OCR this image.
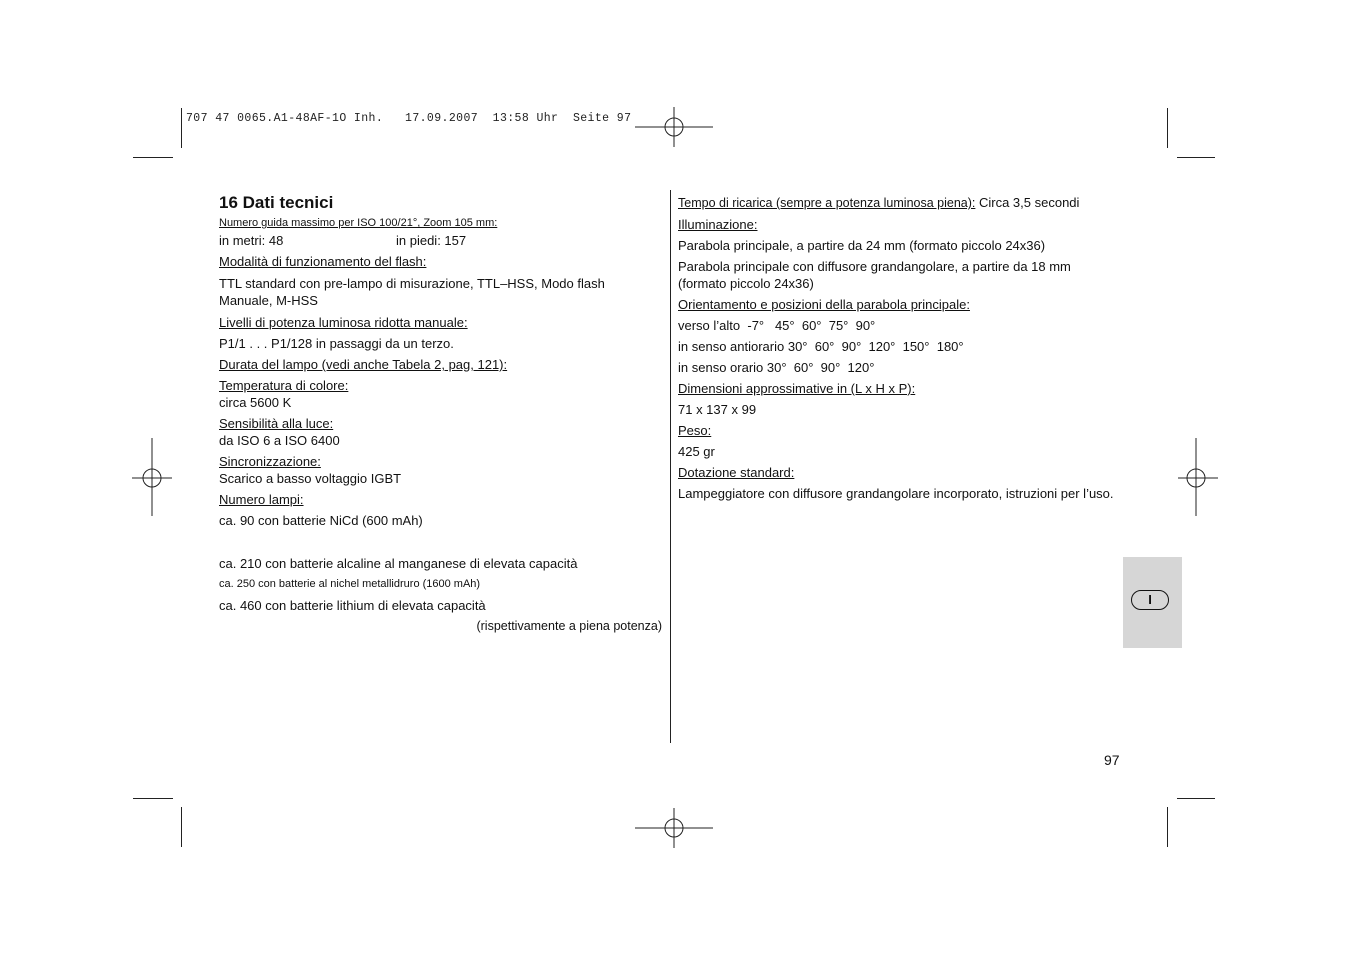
707 47 0065.A1-48AF-1O Inh.   17.09.2007  13:58 Uhr  Seite 97

16 Dati tecnici

Numero guida massimo per ISO 100/21°, Zoom 105 mm:

in metri: 48	in piedi: 157

Modalità di funzionamento del flash:

TTL standard con pre-lampo di misurazione, TTL–HSS, Modo flash Manuale, M-HSS

Livelli di potenza luminosa ridotta manuale:

P1/1 . . . P1/128 in passaggi da un terzo.

Durata del lampo (vedi anche Tabela 2, pag, 121):

Temperatura di colore:

circa 5600 K

Sensibilità alla luce:

da ISO 6 a ISO 6400

Sincronizzazione:

Scarico a basso voltaggio IGBT

Numero lampi:

ca. 90 con batterie NiCd (600 mAh)

ca. 210 con batterie alcaline al manganese di elevata capacità

ca. 250 con batterie al nichel metallidruro (1600 mAh)

ca. 460 con batterie lithium di elevata capacità

(rispettivamente a piena potenza)

Tempo di ricarica (sempre a potenza luminosa piena): Circa 3,5 secondi

Illuminazione:

Parabola principale, a partire da 24 mm (formato piccolo 24x36)

Parabola principale con diffusore grandangolare, a partire da 18 mm (formato piccolo 24x36)

Orientamento e posizioni della parabola principale:

verso l’alto  -7°   45°  60°  75°  90°

in senso antiorario 30°  60°  90°  120°  150°  180°

in senso orario 30°  60°  90°  120°

Dimensioni approssimative in (L x H x P):

71 x 137 x 99

Peso:

425 gr

Dotazione standard:

Lampeggiatore con diffusore grandangolare incorporato, istruzioni per l’uso.

I
97
